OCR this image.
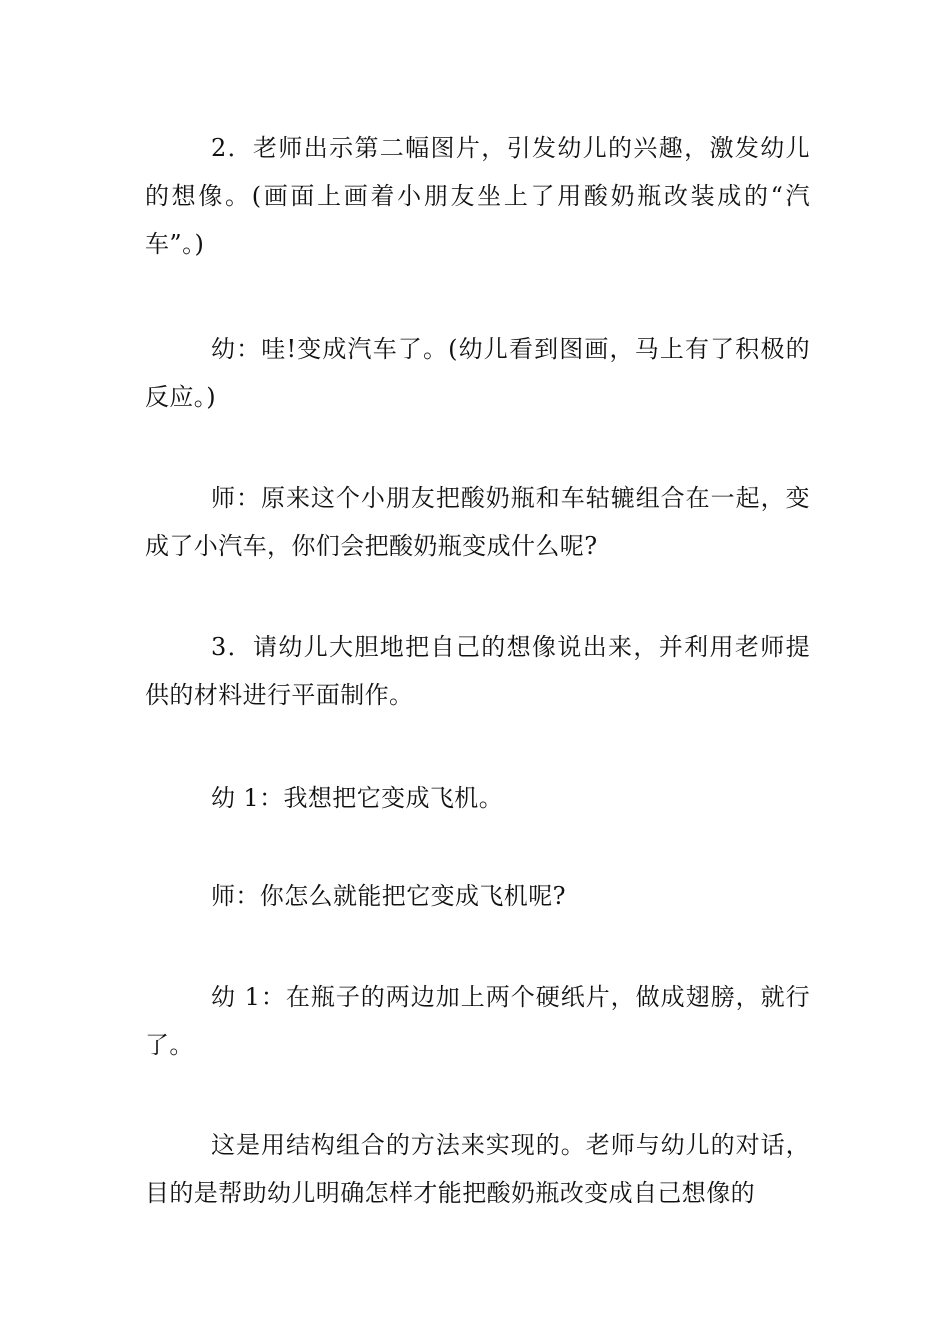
2．老师出示第二幅图片，引发幼儿的兴趣，激发幼儿的想像。(画面上画着小朋友坐上了用酸奶瓶改装成的“汽车”。)

幼：哇!变成汽车了。(幼儿看到图画，马上有了积极的反应。)

师：原来这个小朋友把酸奶瓶和车轱辘组合在一起，变成了小汽车，你们会把酸奶瓶变成什么呢?

3．请幼儿大胆地把自己的想像说出来，并利用老师提供的材料进行平面制作。

幼 1：我想把它变成飞机。

师：你怎么就能把它变成飞机呢?

幼 1：在瓶子的两边加上两个硬纸片，做成翅膀，就行了。

这是用结构组合的方法来实现的。老师与幼儿的对话，目的是帮助幼儿明确怎样才能把酸奶瓶改变成自己想像的
